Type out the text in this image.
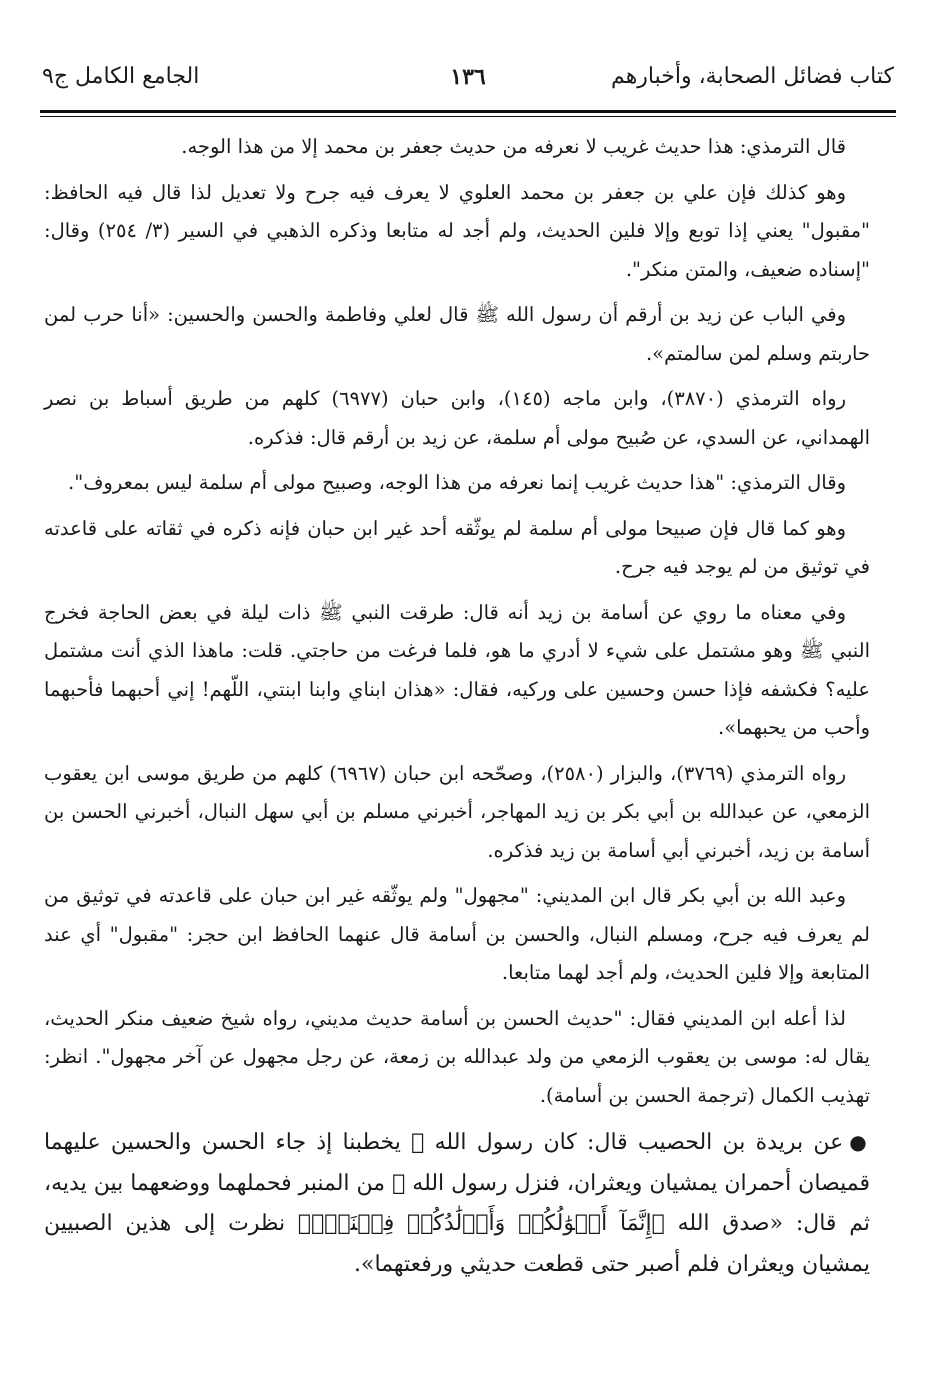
كتاب فضائل الصحابة، وأخبارهم
١٣٦
الجامع الكامل ج٩

قال الترمذي: هذا حديث غريب لا نعرفه من حديث جعفر بن محمد إلا من هذا الوجه.

وهو كذلك فإن علي بن جعفر بن محمد العلوي لا يعرف فيه جرح ولا تعديل لذا قال فيه الحافظ: "مقبول" يعني إذا توبع وإلا فلين الحديث، ولم أجد له متابعا وذكره الذهبي في السير (٣/ ٢٥٤) وقال: "إسناده ضعيف، والمتن منكر".

وفي الباب عن زيد بن أرقم أن رسول الله ﷺ قال لعلي وفاطمة والحسن والحسين: «أنا حرب لمن حاربتم وسلم لمن سالمتم».

رواه الترمذي (٣٨٧٠)، وابن ماجه (١٤٥)، وابن حبان (٦٩٧٧) كلهم من طريق أسباط بن نصر الهمداني، عن السدي، عن صُبيح مولى أم سلمة، عن زيد بن أرقم قال: فذكره.

وقال الترمذي: "هذا حديث غريب إنما نعرفه من هذا الوجه، وصبيح مولى أم سلمة ليس بمعروف".

وهو كما قال فإن صبيحا مولى أم سلمة لم يوثّقه أحد غير ابن حبان فإنه ذكره في ثقاته على قاعدته في توثيق من لم يوجد فيه جرح.

وفي معناه ما روي عن أسامة بن زيد أنه قال: طرقت النبي ﷺ ذات ليلة في بعض الحاجة فخرج النبي ﷺ وهو مشتمل على شيء لا أدري ما هو، فلما فرغت من حاجتي. قلت: ماهذا الذي أنت مشتمل عليه؟ فكشفه فإذا حسن وحسين على وركيه، فقال: «هذان ابناي وابنا ابنتي، اللّهم! إني أحبهما فأحبهما وأحب من يحبهما».

رواه الترمذي (٣٧٦٩)، والبزار (٢٥٨٠)، وصحّحه ابن حبان (٦٩٦٧) كلهم من طريق موسى ابن يعقوب الزمعي، عن عبدالله بن أبي بكر بن زيد المهاجر، أخبرني مسلم بن أبي سهل النبال، أخبرني الحسن بن أسامة بن زيد، أخبرني أبي أسامة بن زيد فذكره.

وعبد الله بن أبي بكر قال ابن المديني: "مجهول" ولم يوثّقه غير ابن حبان على قاعدته في توثيق من لم يعرف فيه جرح، ومسلم النبال، والحسن بن أسامة قال عنهما الحافظ ابن حجر: "مقبول" أي عند المتابعة وإلا فلين الحديث، ولم أجد لهما متابعا.

لذا أعله ابن المديني فقال: "حديث الحسن بن أسامة حديث مديني، رواه شيخ ضعيف منكر الحديث، يقال له: موسى بن يعقوب الزمعي من ولد عبدالله بن زمعة، عن رجل مجهول عن آخر مجهول". انظر: تهذيب الكمال (ترجمة الحسن بن أسامة).

●عن بريدة بن الحصيب قال: كان رسول الله ﷺ يخطبنا إذ جاء الحسن والحسين عليهما قميصان أحمران يمشيان ويعثران، فنزل رسول الله ﷺ من المنبر فحملهما ووضعهما بين يديه، ثم قال: «صدق الله ﴿إِنَّمَآ أَمۡوَٰلُكُمۡ وَأَوۡلَٰدُكُمۡ فِتۡنَةٞۚ﴾ نظرت إلى هذين الصبيين يمشيان ويعثران فلم أصبر حتى قطعت حديثي ورفعتهما».
